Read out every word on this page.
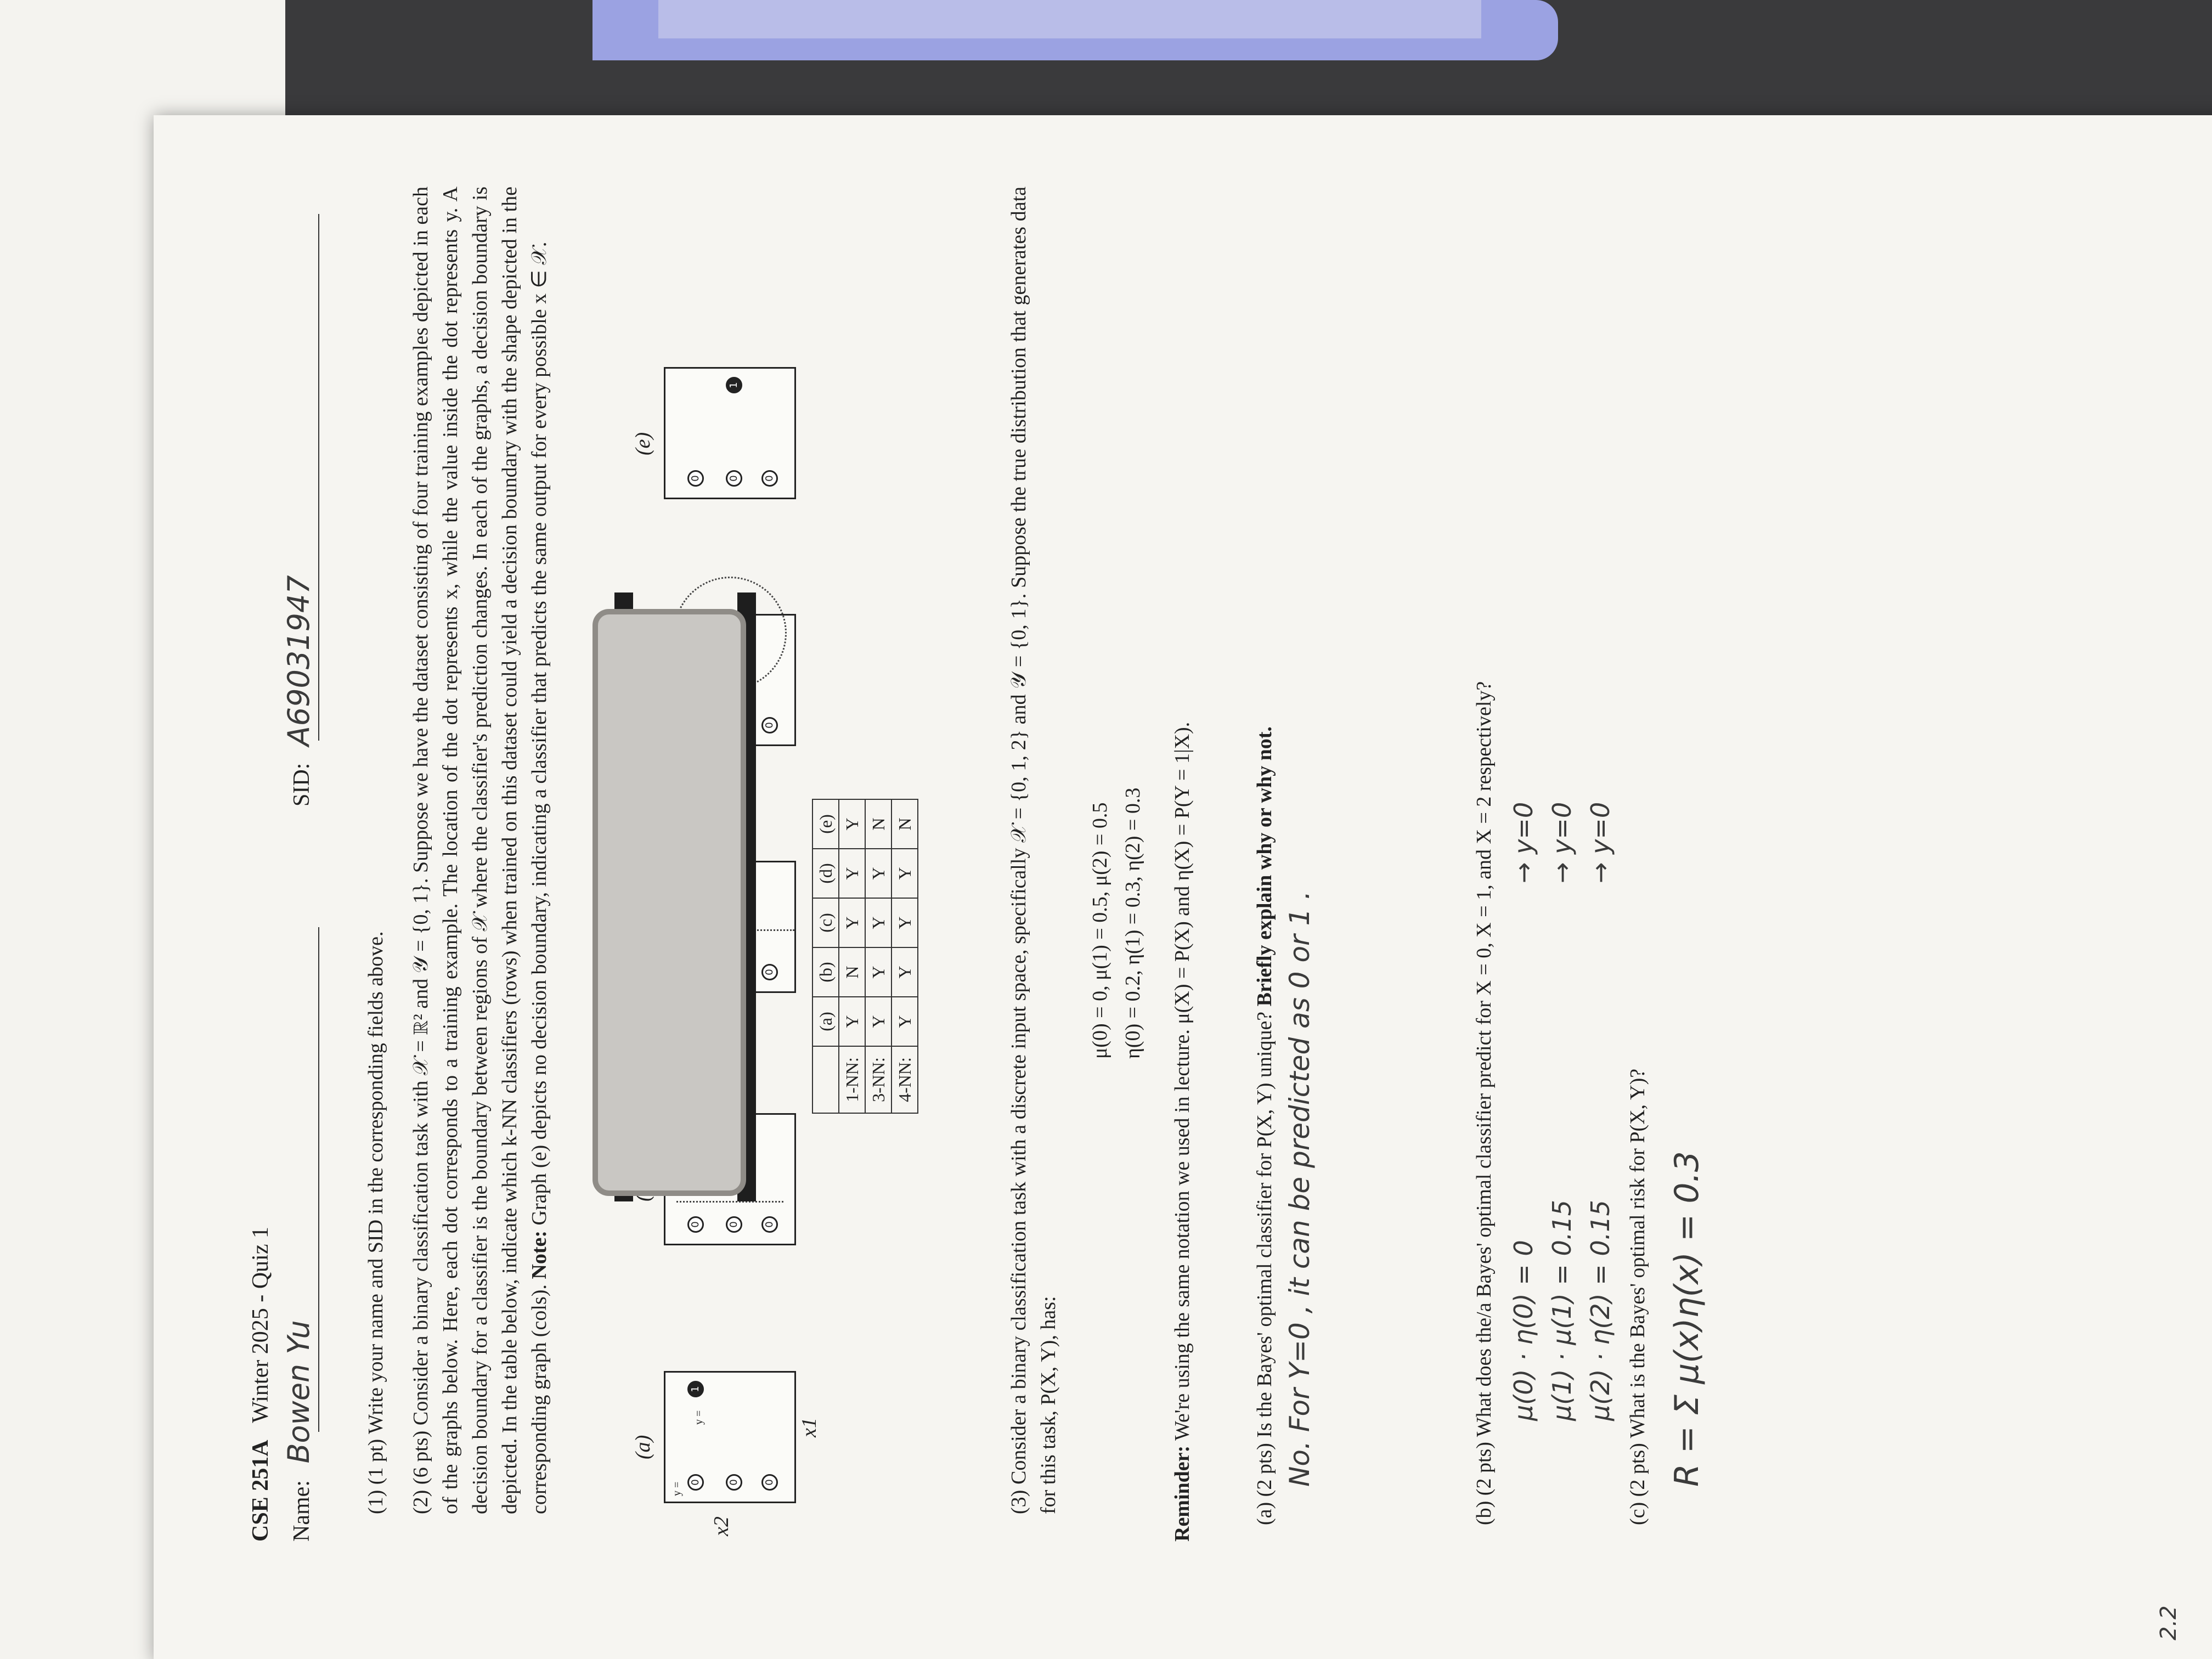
CSE 251A   Winter 2025 - Quiz 1
Name: Bowen Yu
SID: A69031947
(1) (1 pt) Write your name and SID in the corresponding fields above. (2) (6 pts) Consider a binary classification task with 𝒳 = ℝ² and 𝒴 = {0, 1}. Suppose we have the dataset consisting of four training examples depicted in each of the graphs below. Here, each dot corresponds to a training example. The location of the dot represents x, while the value inside the dot represents y. A decision boundary for a classifier is the boundary between regions of 𝒳 where the classifier's prediction changes. In each of the graphs, a decision boundary is depicted. In the table below, indicate which k-NN classifiers (rows) when trained on this dataset could yield a decision boundary with the shape depicted in the corresponding graph (cols). Note: Graph (e) depicts no decision boundary, indicating a classifier that predicts the same output for every possible x ∈ 𝒳.
(a)
(e)
x2
x1
y =
y =
0	0 0
1
0	0 0
0
0
0	0 0
1
	(a)	(b)	(c)	(d)	(e)
1-NN:	Y	N	Y	Y	Y
3-NN:	Y	Y	Y	Y	N
4-NN:	Y	Y	Y	Y	N	(3) Consider a binary classification task with a discrete input space, specifically 𝒳 = {0, 1, 2} and 𝒴 = {0, 1}. Suppose the true distribution that generates data for this task, P(X, Y), has:
μ(0) = 0, μ(1) = 0.5, μ(2) = 0.5 η(0) = 0.2, η(1) = 0.3, η(2) = 0.3
Reminder: We're using the same notation we used in lecture. μ(X) = P(X) and η(X) = P(Y = 1|X).	(a) (2 pts) Is the Bayes' optimal classifier for P(X, Y) unique? Briefly explain why or why not.
No. For Y=0 , it can be predicted as 0 or 1 .	(b) (2 pts) What does the/a Bayes' optimal classifier predict for X = 0, X = 1, and X = 2 respectively? μ(0) · η(0) = 0
→ y=0
μ(1) · μ(1) = 0.15
→ y=0
μ(2) · η(2) = 0.15
→ y=0
(c) (2 pts) What is the Bayes' optimal risk for P(X, Y)? R = Σ μ(x)η(x) = 0.3
2.2
